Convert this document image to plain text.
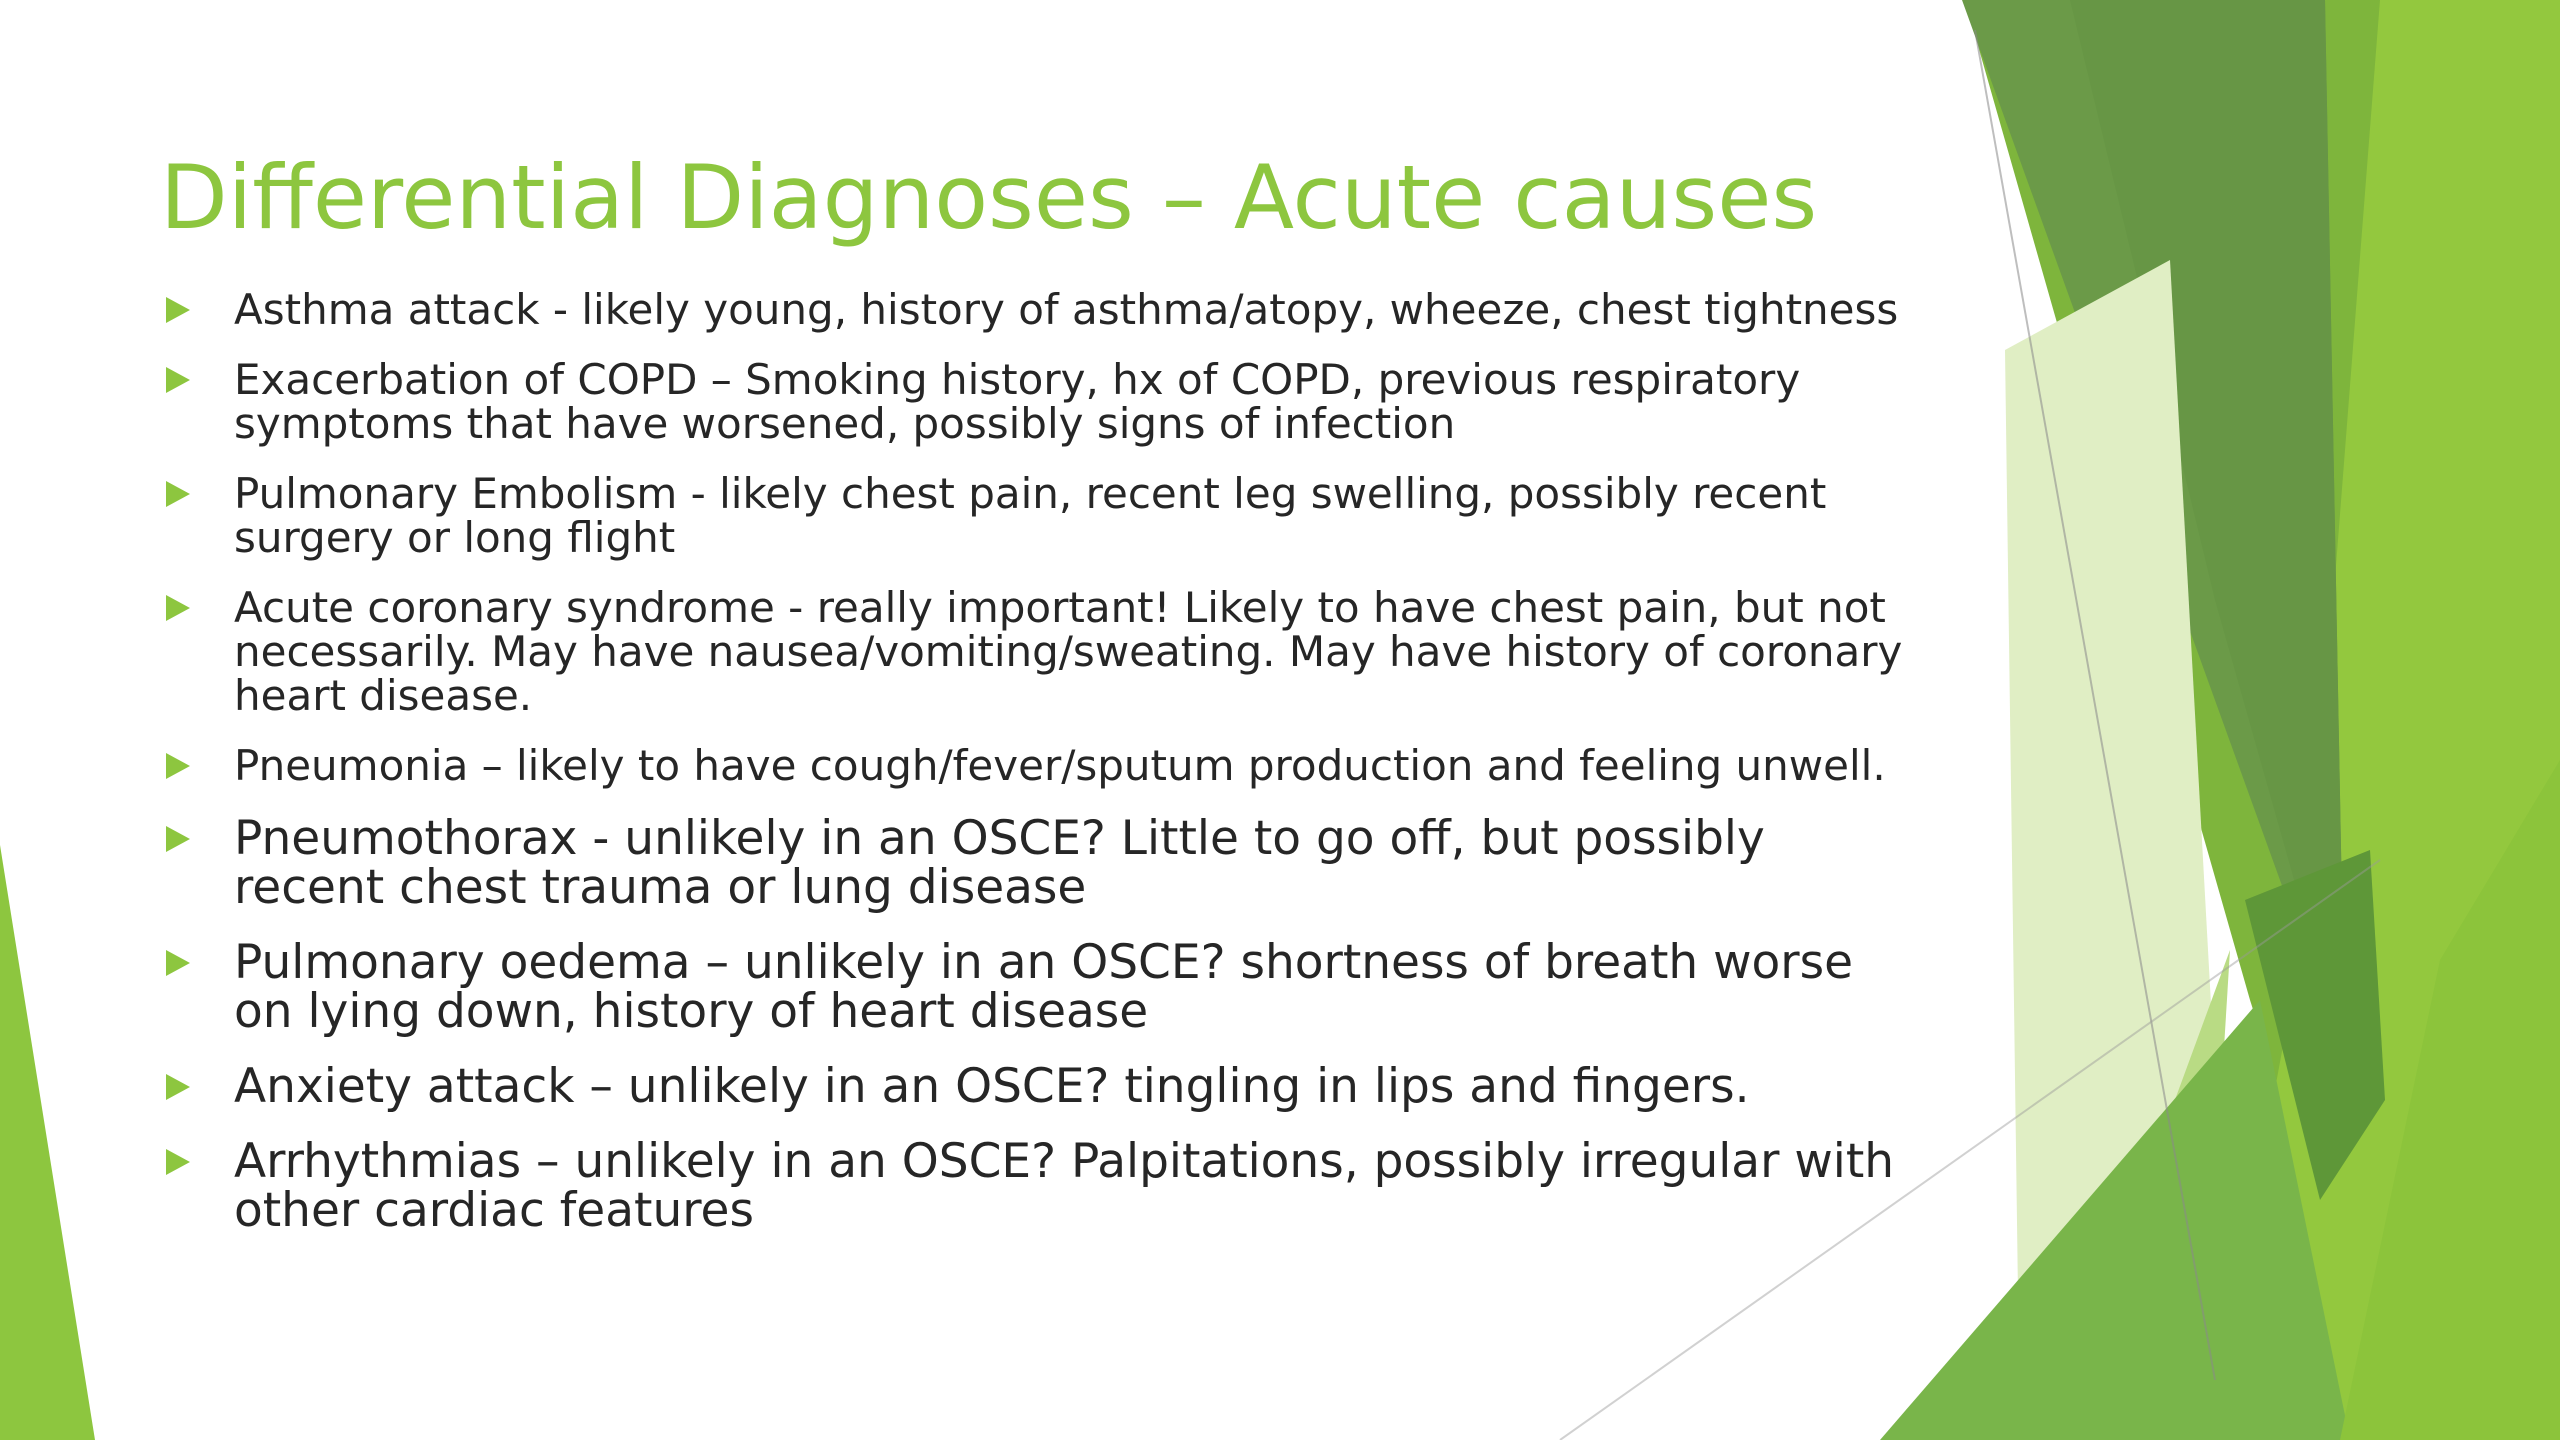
Differential Diagnoses – Acute causes
Asthma attack - likely young, history of asthma/atopy, wheeze, chest tightness
Exacerbation of COPD – Smoking history, hx of COPD, previous respiratory symptoms that have worsened, possibly signs of infection
Pulmonary Embolism - likely chest pain, recent leg swelling, possibly recent surgery or long flight
Acute coronary syndrome - really important! Likely to have chest pain, but not necessarily. May have nausea/vomiting/sweating. May have history of coronary heart disease.
Pneumonia – likely to have cough/fever/sputum production and feeling unwell.
Pneumothorax - unlikely in an OSCE? Little to go off, but possibly recent chest trauma or lung disease
Pulmonary oedema – unlikely in an OSCE? shortness of breath worse on lying down, history of heart disease
Anxiety attack – unlikely in an OSCE? tingling in lips and fingers.
Arrhythmias – unlikely in an OSCE? Palpitations, possibly irregular with other cardiac features
